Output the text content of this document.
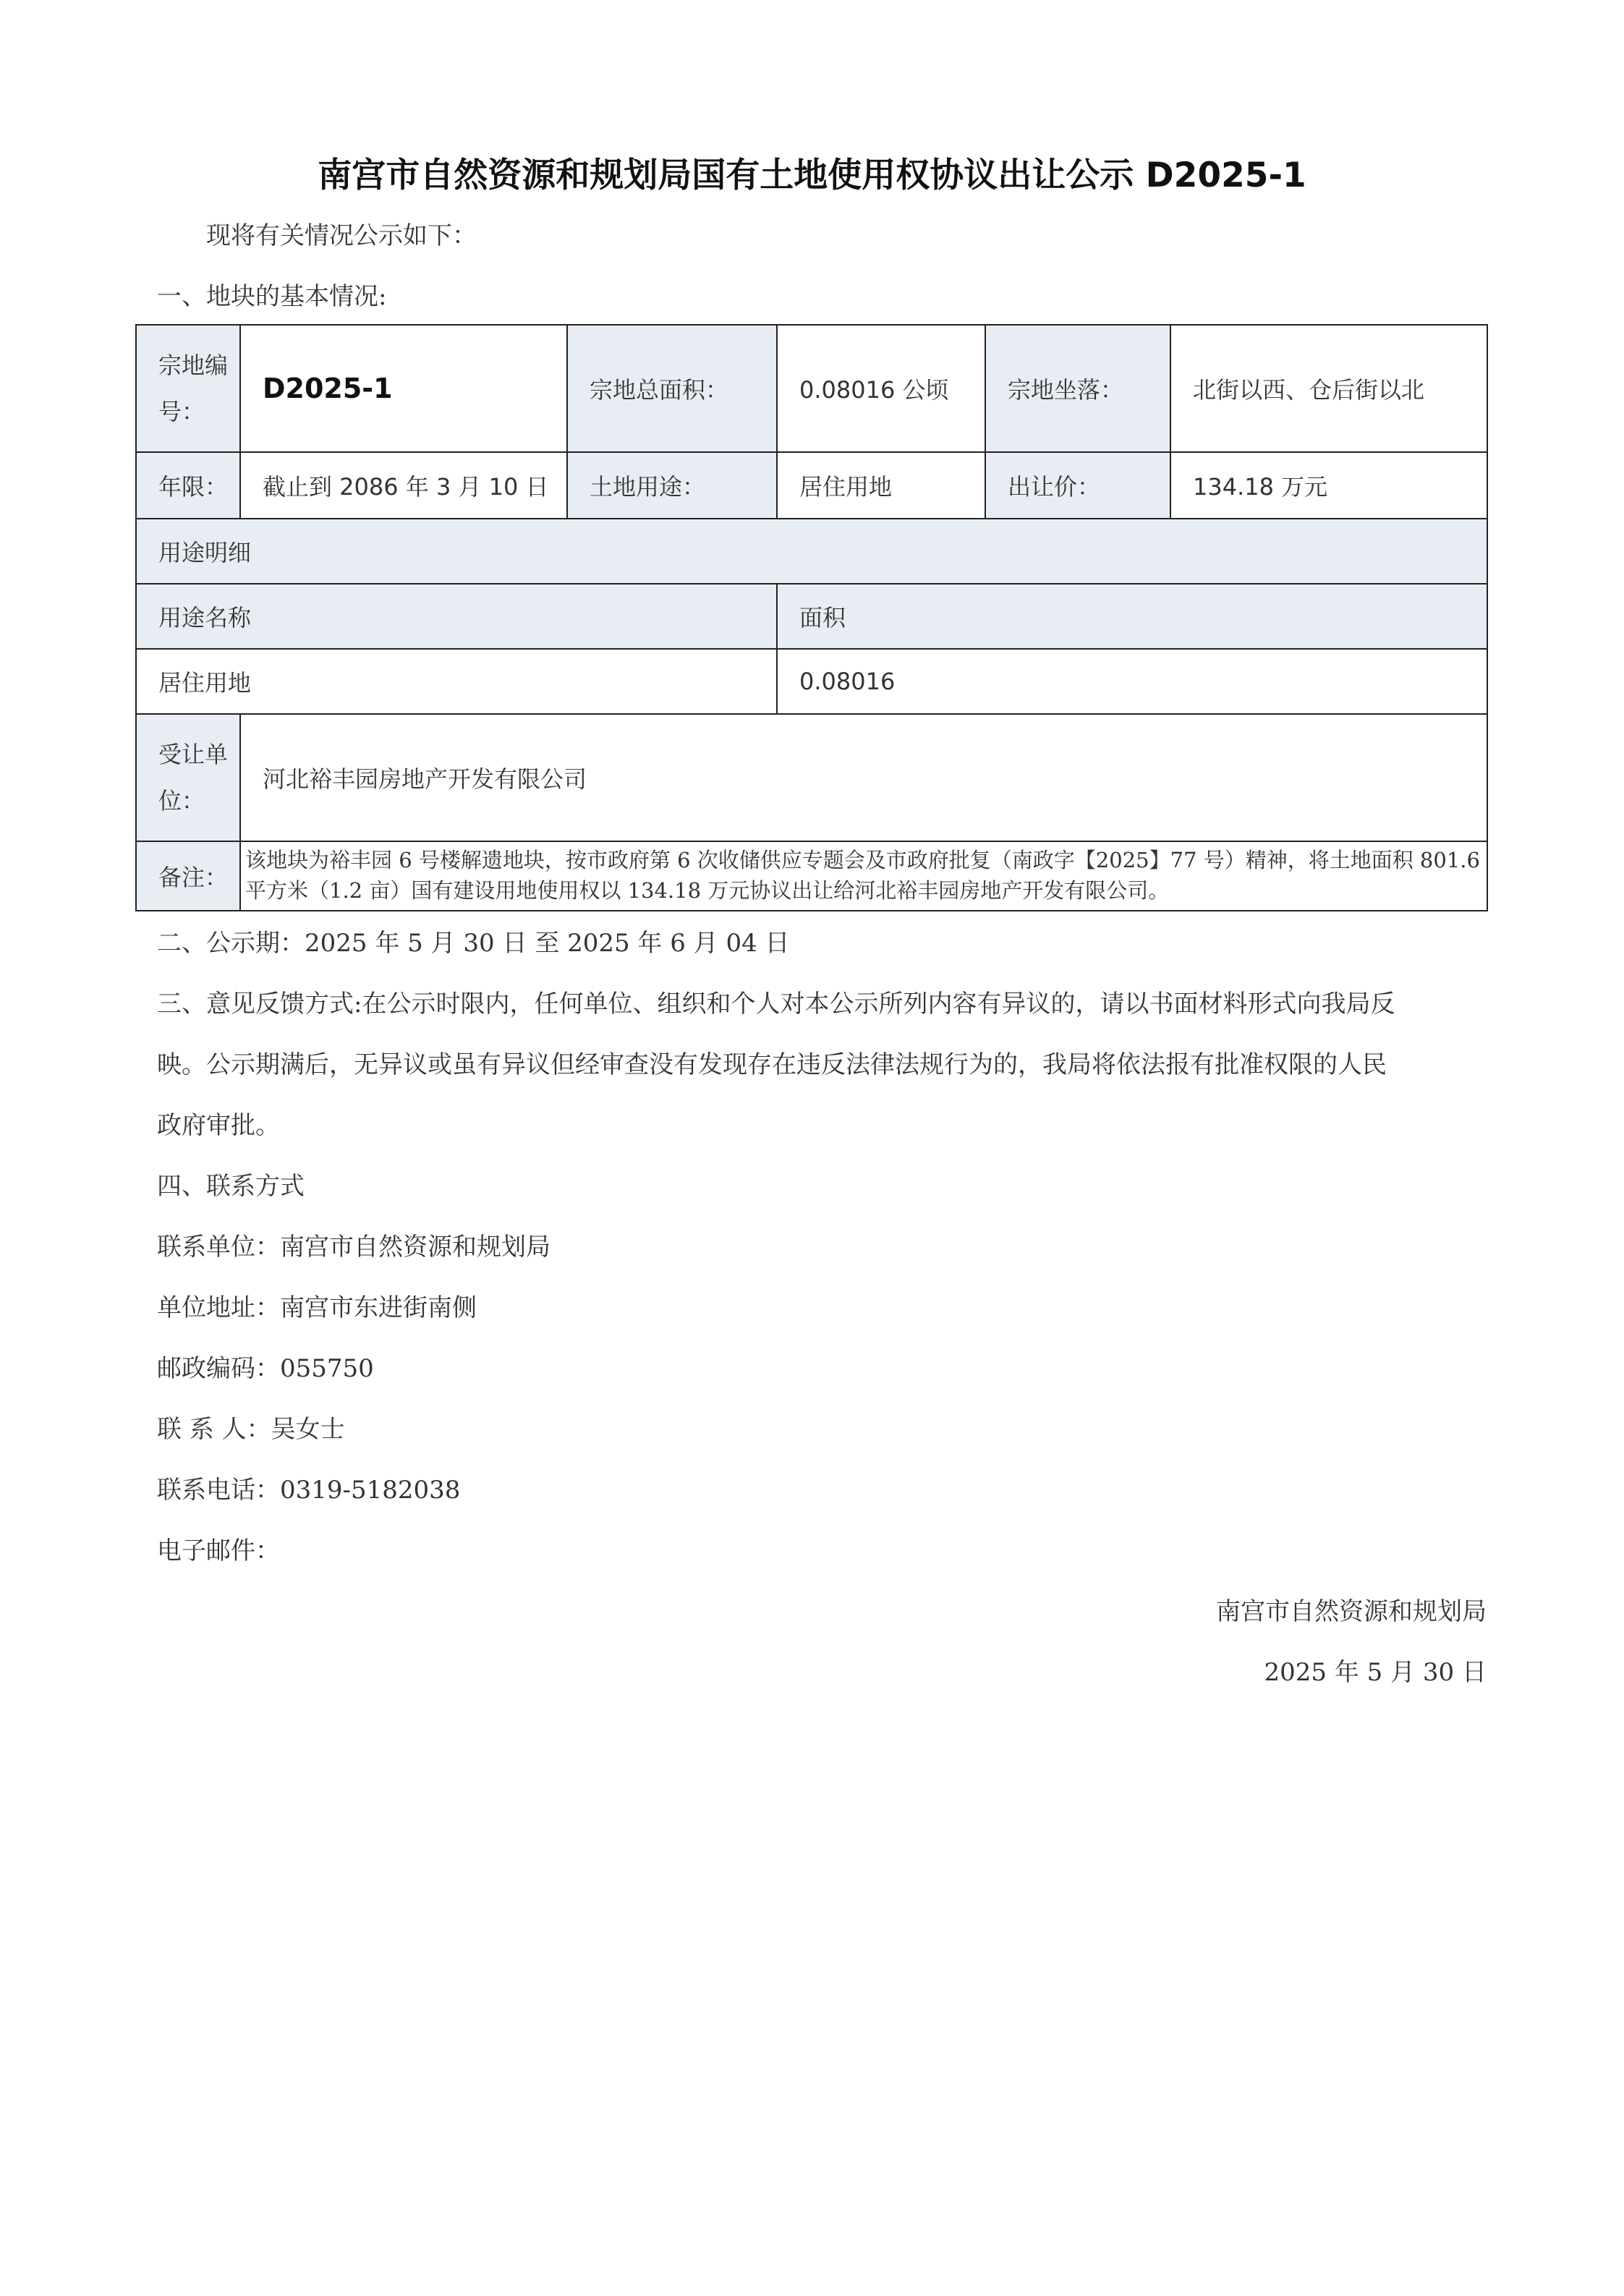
南宫市自然资源和规划局国有土地使用权协议出让公示 D2025-1
现将有关情况公示如下：
一、地块的基本情况:
宗地编号：	D2025-1	宗地总面积：	0.08016 公顷	宗地坐落：	北街以西、仓后街以北
年限：	截止到 2086 年 3 月 10 日	土地用途：	居住用地	出让价：	134.18 万元
用途明细					
用途名称			面积		
居住用地			0.08016		
受让单位：	河北裕丰园房地产开发有限公司				
备注：	该地块为裕丰园 6 号楼解遗地块，按市政府第 6 次收储供应专题会及市政府批复（南政字【2025】77 号）精神，将土地面积 801.6 平方米（1.2 亩）国有建设用地使用权以 134.18 万元协议出让给河北裕丰园房地产开发有限公司。				
二、公示期：2025 年 5 月 30 日 至 2025 年 6 月 04 日
三、意见反馈方式:在公示时限内，任何单位、组织和个人对本公示所列内容有异议的，请以书面材料形式向我局反
映。公示期满后，无异议或虽有异议但经审查没有发现存在违反法律法规行为的，我局将依法报有批准权限的人民
政府审批。
四、联系方式
联系单位：南宫市自然资源和规划局
单位地址：南宫市东进街南侧
邮政编码：055750
联 系 人：吴女士
联系电话：0319-5182038
电子邮件：
南宫市自然资源和规划局
2025 年 5 月 30 日
